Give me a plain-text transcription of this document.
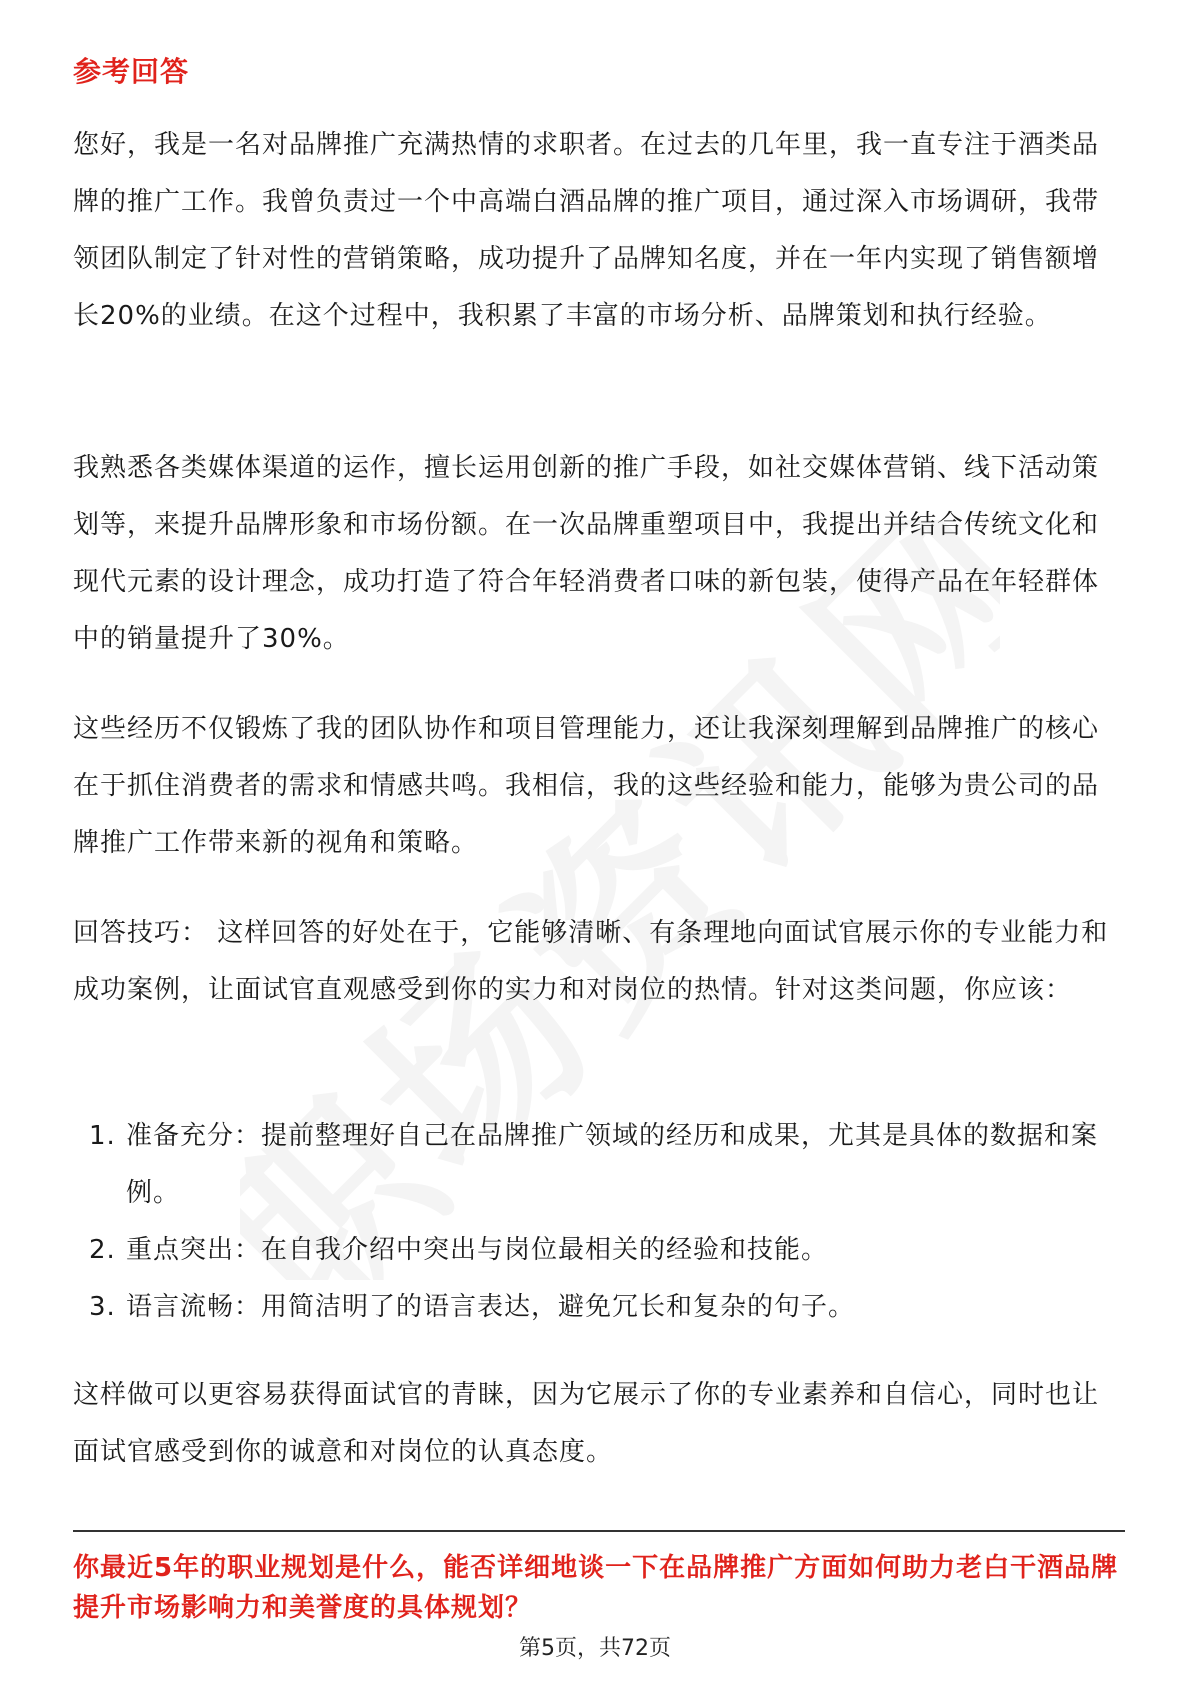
参考回答

您好，我是一名对品牌推广充满热情的求职者。在过去的几年里，我一直专注于酒类品牌的推广工作。我曾负责过一个中高端白酒品牌的推广项目，通过深入市场调研，我带领团队制定了针对性的营销策略，成功提升了品牌知名度，并在一年内实现了销售额增长20%的业绩。在这个过程中，我积累了丰富的市场分析、品牌策划和执行经验。

我熟悉各类媒体渠道的运作，擅长运用创新的推广手段，如社交媒体营销、线下活动策划等，来提升品牌形象和市场份额。在一次品牌重塑项目中，我提出并结合传统文化和现代元素的设计理念，成功打造了符合年轻消费者口味的新包装，使得产品在年轻群体中的销量提升了30%。

这些经历不仅锻炼了我的团队协作和项目管理能力，还让我深刻理解到品牌推广的核心在于抓住消费者的需求和情感共鸣。我相信，我的这些经验和能力，能够为贵公司的品牌推广工作带来新的视角和策略。

回答技巧： 这样回答的好处在于，它能够清晰、有条理地向面试官展示你的专业能力和成功案例，让面试官直观感受到你的实力和对岗位的热情。针对这类问题，你应该：

1. 准备充分：提前整理好自己在品牌推广领域的经历和成果，尤其是具体的数据和案例。
2. 重点突出：在自我介绍中突出与岗位最相关的经验和技能。
3. 语言流畅：用简洁明了的语言表达，避免冗长和复杂的句子。

这样做可以更容易获得面试官的青睐，因为它展示了你的专业素养和自信心，同时也让面试官感受到你的诚意和对岗位的认真态度。

你最近5年的职业规划是什么，能否详细地谈一下在品牌推广方面如何助力老白干酒品牌提升市场影响力和美誉度的具体规划？

第5页，共72页
